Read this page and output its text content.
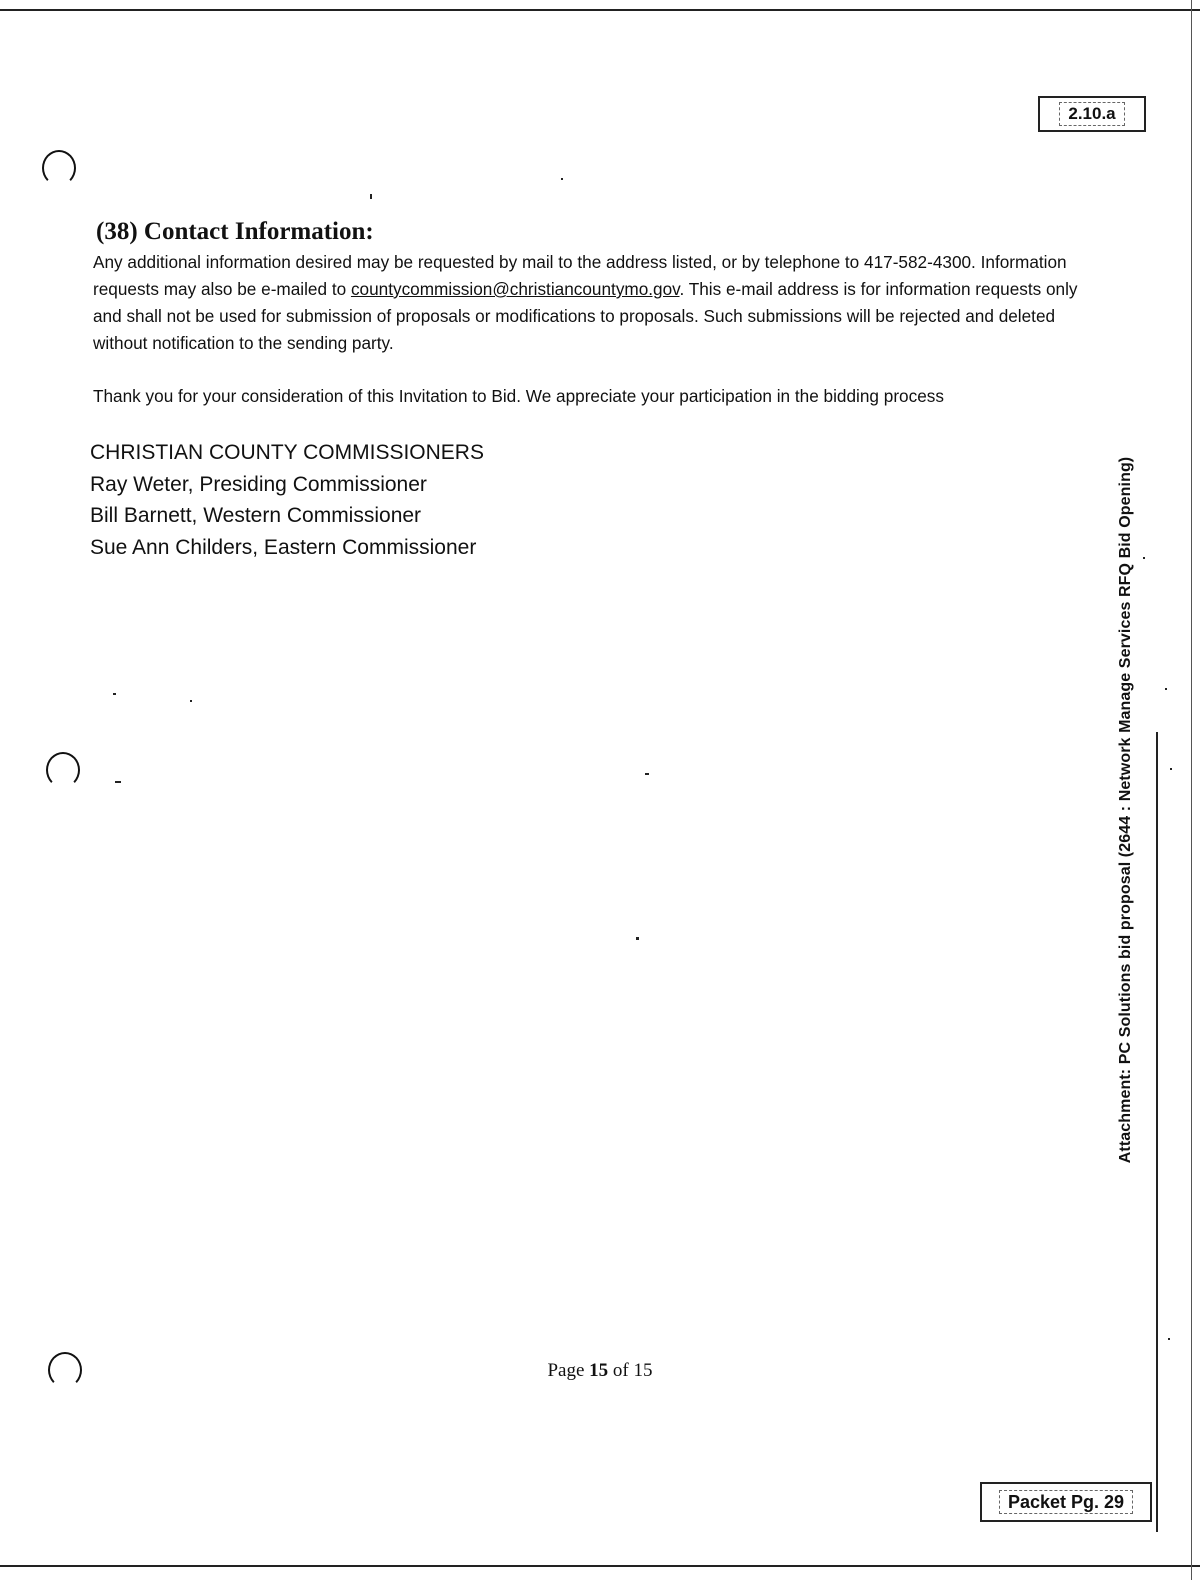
2.10.a
(38) Contact Information:

Any additional information desired may be requested by mail to the address listed, or by telephone to 417-582-4300. Information requests may also be e-mailed to countycommission@christiancountymo.gov. This e-mail address is for information requests only and shall not be used for submission of proposals or modifications to proposals. Such submissions will be rejected and deleted without notification to the sending party.

Thank you for your consideration of this Invitation to Bid. We appreciate your participation in the bidding process

CHRISTIAN COUNTY COMMISSIONERS
Ray Weter, Presiding Commissioner
Bill Barnett, Western Commissioner
Sue Ann Childers, Eastern Commissioner
Page 15 of 15
Attachment: PC Solutions bid proposal (2644 : Network Manage Services RFQ Bid Opening)
Packet Pg. 29
